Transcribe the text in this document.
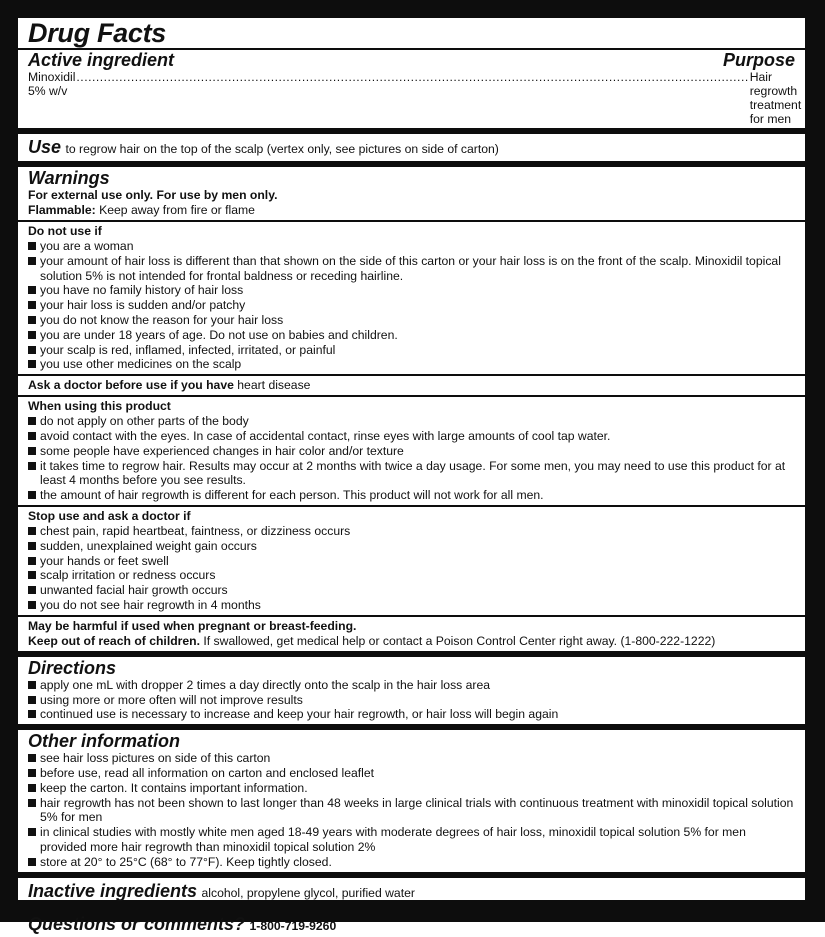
Drug Facts
Active ingredient	Purpose
Minoxidil 5% w/v
............................................................................................................................................................................. Hair regrowth treatment for men
Use to regrow hair on the top of the scalp (vertex only, see pictures on side of carton)
Warnings
For external use only. For use by men only.
Flammable: Keep away from fire or flame
Do not use if
you are a woman
your amount of hair loss is different than that shown on the side of this carton or your hair loss is on the front of the scalp. Minoxidil topical solution 5% is not intended for frontal baldness or receding hairline.
you have no family history of hair loss
your hair loss is sudden and/or patchy
you do not know the reason for your hair loss
you are under 18 years of age. Do not use on babies and children.
your scalp is red, inflamed, infected, irritated, or painful
you use other medicines on the scalp
Ask a doctor before use if you have heart disease
When using this product
do not apply on other parts of the body
avoid contact with the eyes. In case of accidental contact, rinse eyes with large amounts of cool tap water.
some people have experienced changes in hair color and/or texture
it takes time to regrow hair. Results may occur at 2 months with twice a day usage. For some men, you may need to use this product for at least 4 months before you see results.
the amount of hair regrowth is different for each person. This product will not work for all men.
Stop use and ask a doctor if
chest pain, rapid heartbeat, faintness, or dizziness occurs
sudden, unexplained weight gain occurs
your hands or feet swell
scalp irritation or redness occurs
unwanted facial hair growth occurs
you do not see hair regrowth in 4 months
May be harmful if used when pregnant or breast-feeding.
Keep out of reach of children. If swallowed, get medical help or contact a Poison Control Center right away. (1-800-222-1222)
Directions
apply one mL with dropper 2 times a day directly onto the scalp in the hair loss area
using more or more often will not improve results
continued use is necessary to increase and keep your hair regrowth, or hair loss will begin again
Other information
see hair loss pictures on side of this carton
before use, read all information on carton and enclosed leaflet
keep the carton. It contains important information.
hair regrowth has not been shown to last longer than 48 weeks in large clinical trials with continuous treatment with minoxidil topical solution 5% for men
in clinical studies with mostly white men aged 18-49 years with moderate degrees of hair loss, minoxidil topical solution 5% for men provided more hair regrowth than minoxidil topical solution 2%
store at 20° to 25°C (68° to 77°F). Keep tightly closed.
Inactive ingredients alcohol, propylene glycol, purified water
Questions or comments? 1-800-719-9260
